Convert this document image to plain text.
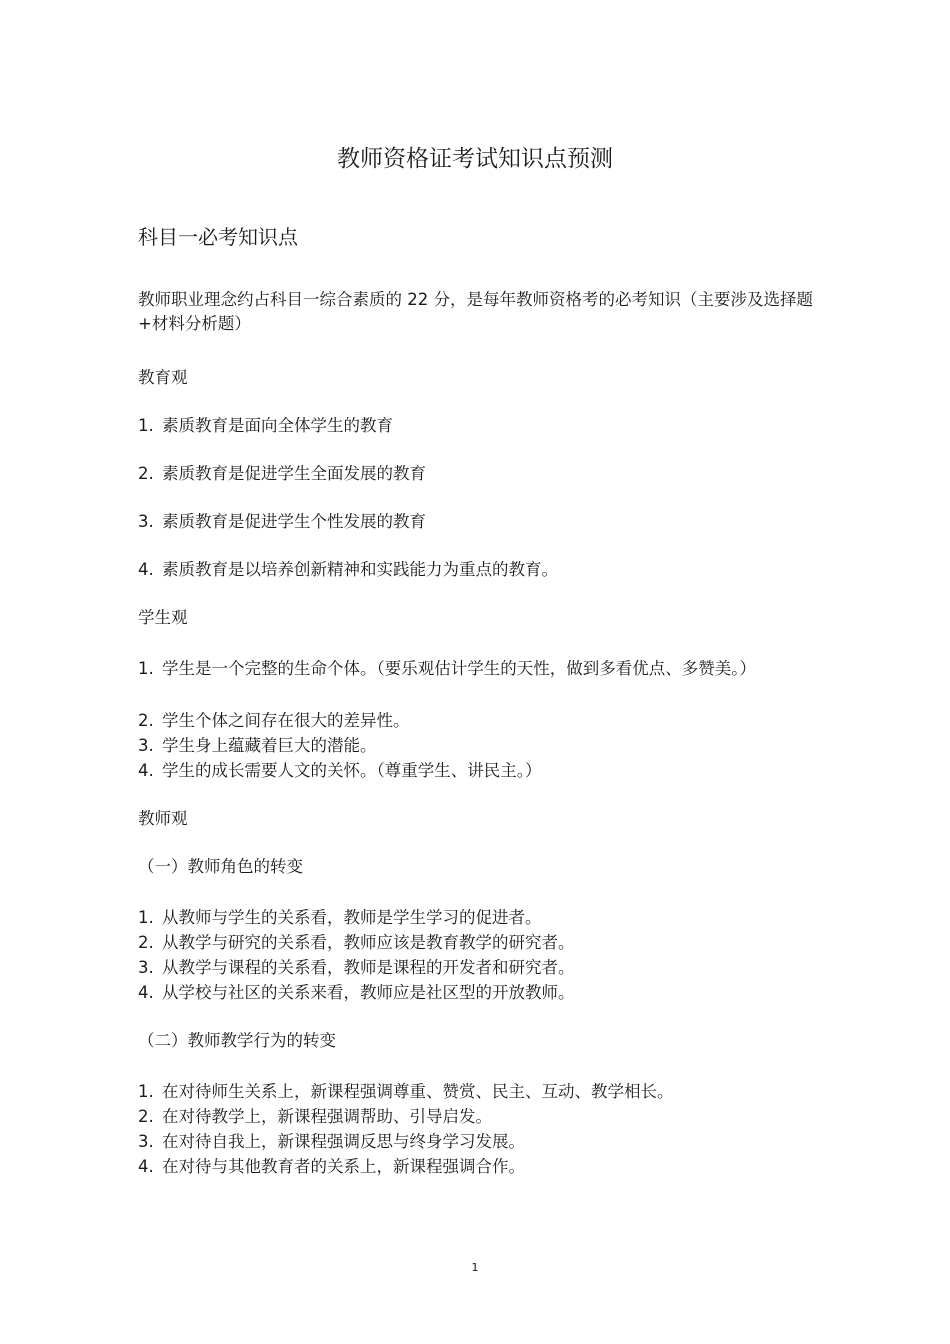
教师资格证考试知识点预测
科目一必考知识点

教师职业理念约占科目一综合素质的 22 分，是每年教师资格考的必考知识（主要涉及选择题+材料分析题）

教育观
1. 素质教育是面向全体学生的教育
2. 素质教育是促进学生全面发展的教育
3. 素质教育是促进学生个性发展的教育
4. 素质教育是以培养创新精神和实践能力为重点的教育。
学生观
1. 学生是一个完整的生命个体。（要乐观估计学生的天性，做到多看优点、多赞美。）
2. 学生个体之间存在很大的差异性。
3. 学生身上蕴藏着巨大的潜能。
4. 学生的成长需要人文的关怀。（尊重学生、讲民主。）
教师观
（一）教师角色的转变
1. 从教师与学生的关系看，教师是学生学习的促进者。
2. 从教学与研究的关系看，教师应该是教育教学的研究者。
3. 从教学与课程的关系看，教师是课程的开发者和研究者。
4. 从学校与社区的关系来看，教师应是社区型的开放教师。
（二）教师教学行为的转变
1. 在对待师生关系上，新课程强调尊重、赞赏、民主、互动、教学相长。
2. 在对待教学上，新课程强调帮助、引导启发。
3. 在对待自我上，新课程强调反思与终身学习发展。
4. 在对待与其他教育者的关系上，新课程强调合作。
1
